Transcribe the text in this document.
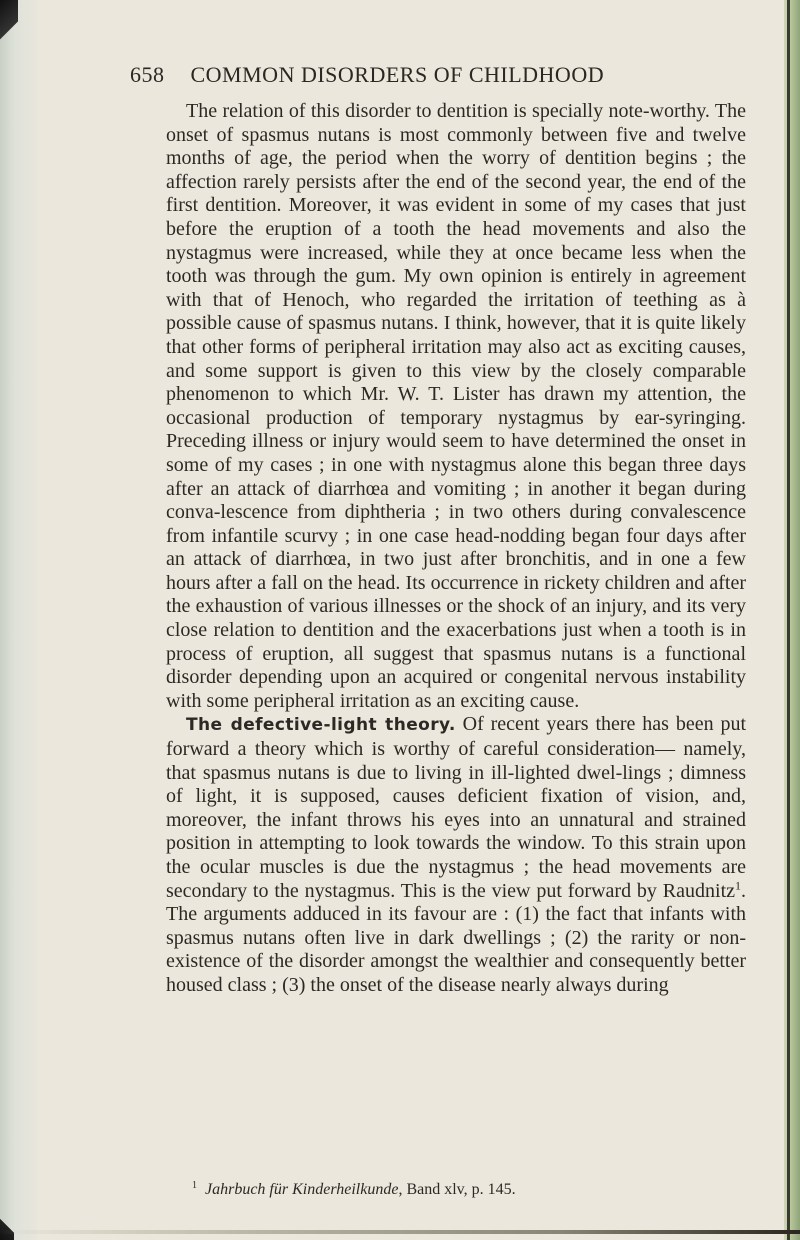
658 COMMON DISORDERS OF CHILDHOOD

The relation of this disorder to dentition is specially note-worthy. The onset of spasmus nutans is most commonly between five and twelve months of age, the period when the worry of dentition begins ; the affection rarely persists after the end of the second year, the end of the first dentition. Moreover, it was evident in some of my cases that just before the eruption of a tooth the head movements and also the nystagmus were increased, while they at once became less when the tooth was through the gum. My own opinion is entirely in agreement with that of Henoch, who regarded the irritation of teething as à possible cause of spasmus nutans. I think, however, that it is quite likely that other forms of peripheral irritation may also act as exciting causes, and some support is given to this view by the closely comparable phenomenon to which Mr. W. T. Lister has drawn my attention, the occasional production of temporary nystagmus by ear-syringing. Preceding illness or injury would seem to have determined the onset in some of my cases ; in one with nystagmus alone this began three days after an attack of diarrhœa and vomiting ; in another it began during conva-lescence from diphtheria ; in two others during convalescence from infantile scurvy ; in one case head-nodding began four days after an attack of diarrhœa, in two just after bronchitis, and in one a few hours after a fall on the head. Its occurrence in rickety children and after the exhaustion of various illnesses or the shock of an injury, and its very close relation to dentition and the exacerbations just when a tooth is in process of eruption, all suggest that spasmus nutans is a functional disorder depending upon an acquired or congenital nervous instability with some peripheral irritation as an exciting cause.

The defective-light theory. Of recent years there has been put forward a theory which is worthy of careful consideration— namely, that spasmus nutans is due to living in ill-lighted dwel-lings ; dimness of light, it is supposed, causes deficient fixation of vision, and, moreover, the infant throws his eyes into an unnatural and strained position in attempting to look towards the window. To this strain upon the ocular muscles is due the nystagmus ; the head movements are secondary to the nystagmus. This is the view put forward by Raudnitz$^1$. The arguments adduced in its favour are : (1) the fact that infants with spasmus nutans often live in dark dwellings ; (2) the rarity or non-existence of the disorder amongst the wealthier and consequently better housed class ; (3) the onset of the disease nearly always during

$^1$ Jahrbuch für Kinderheilkunde, Band xlv, p. 145.
